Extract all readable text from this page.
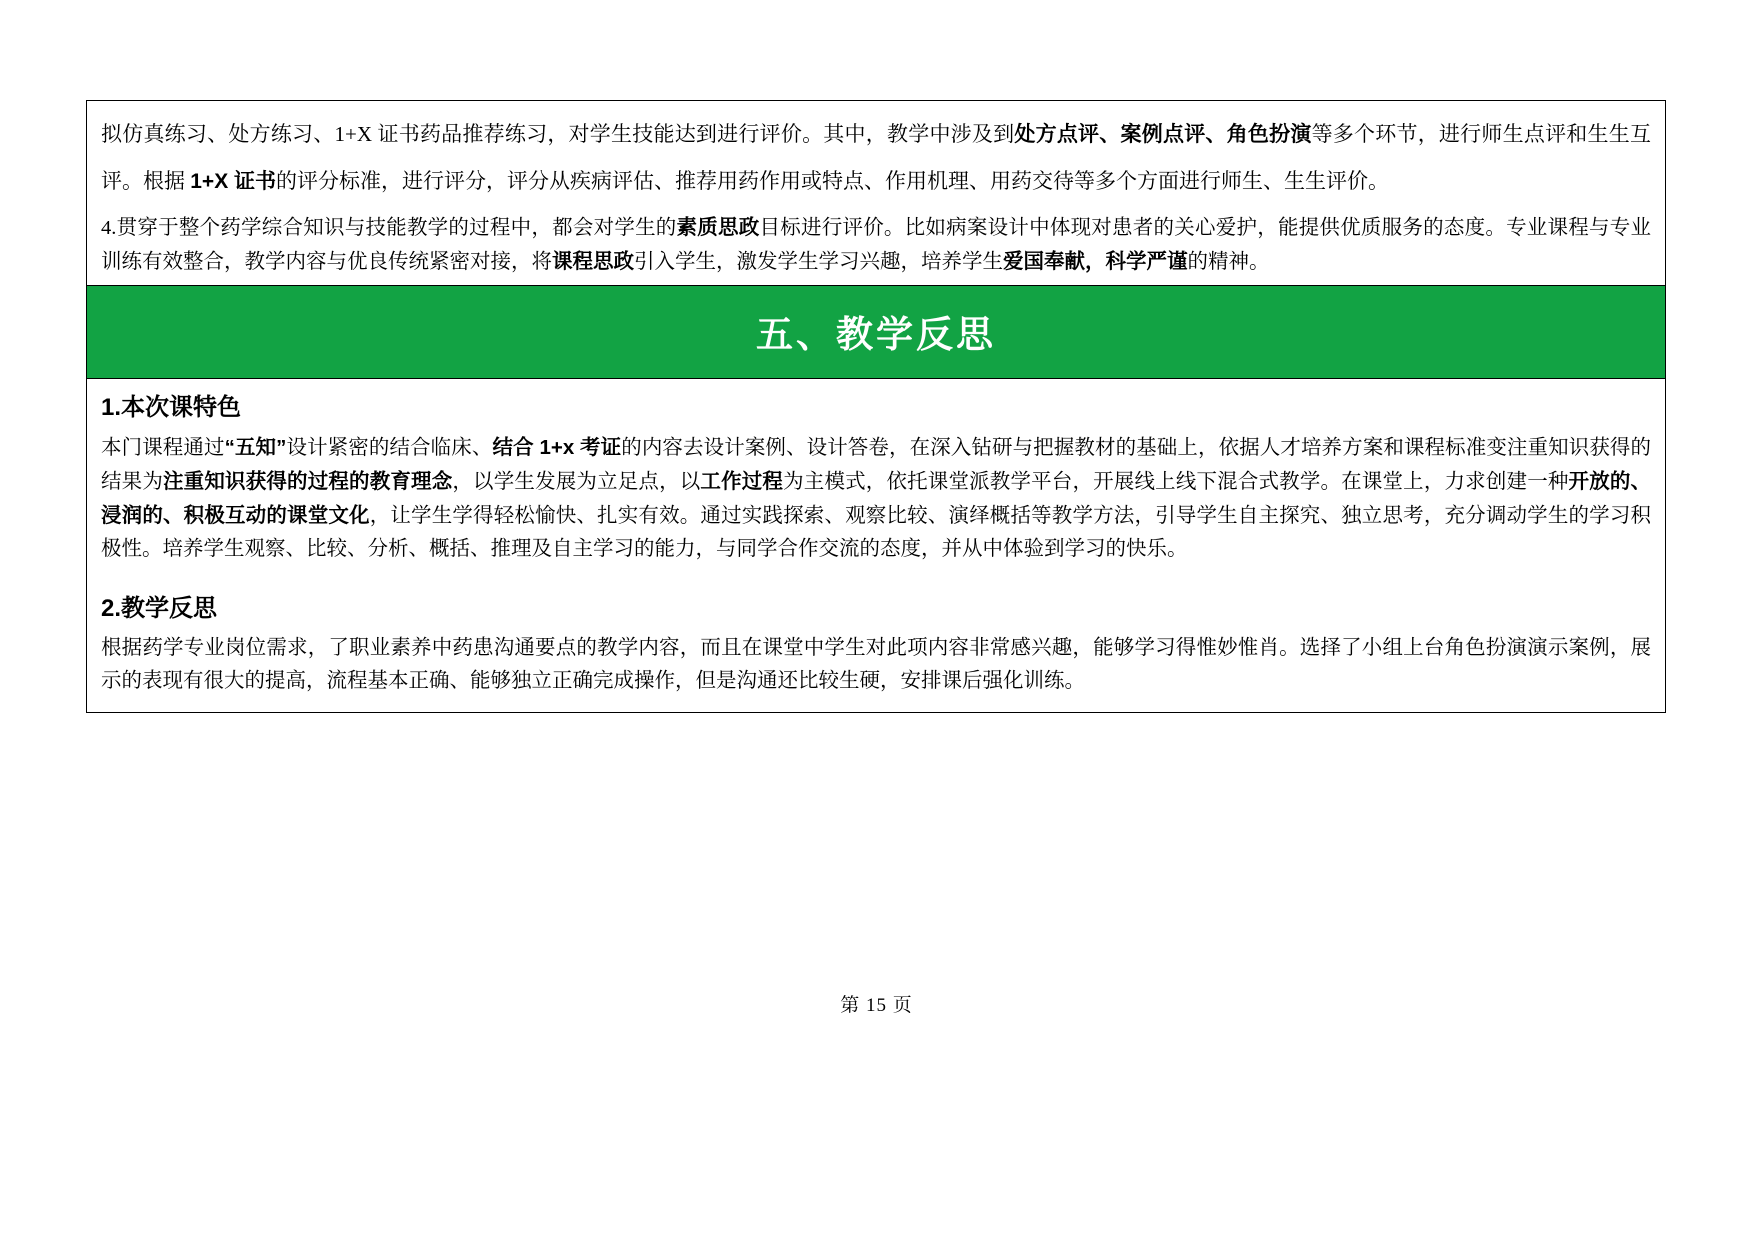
拟仿真练习、处方练习、1+X 证书药品推荐练习，对学生技能达到进行评价。其中，教学中涉及到处方点评、案例点评、角色扮演等多个环节，进行师生点评和生生互评。根据 1+X 证书的评分标准，进行评分，评分从疾病评估、推荐用药作用或特点、作用机理、用药交待等多个方面进行师生、生生评价。

4.贯穿于整个药学综合知识与技能教学的过程中，都会对学生的素质思政目标进行评价。比如病案设计中体现对患者的关心爱护，能提供优质服务的态度。专业课程与专业训练有效整合，教学内容与优良传统紧密对接，将课程思政引入学生，激发学生学习兴趣，培养学生爱国奉献，科学严谨的精神。

五、教学反思
1.本次课特色

本门课程通过“五知”设计紧密的结合临床、结合 1+x 考证的内容去设计案例、设计答卷，在深入钻研与把握教材的基础上，依据人才培养方案和课程标准变注重知识获得的结果为注重知识获得的过程的教育理念，以学生发展为立足点，以工作过程为主模式，依托课堂派教学平台，开展线上线下混合式教学。在课堂上，力求创建一种开放的、浸润的、积极互动的课堂文化，让学生学得轻松愉快、扎实有效。通过实践探索、观察比较、演绎概括等教学方法，引导学生自主探究、独立思考，充分调动学生的学习积极性。培养学生观察、比较、分析、概括、推理及自主学习的能力，与同学合作交流的态度，并从中体验到学习的快乐。

2.教学反思

根据药学专业岗位需求，了职业素养中药患沟通要点的教学内容，而且在课堂中学生对此项内容非常感兴趣，能够学习得惟妙惟肖。选择了小组上台角色扮演演示案例，展示的表现有很大的提高，流程基本正确、能够独立正确完成操作，但是沟通还比较生硬，安排课后强化训练。

第 15 页
